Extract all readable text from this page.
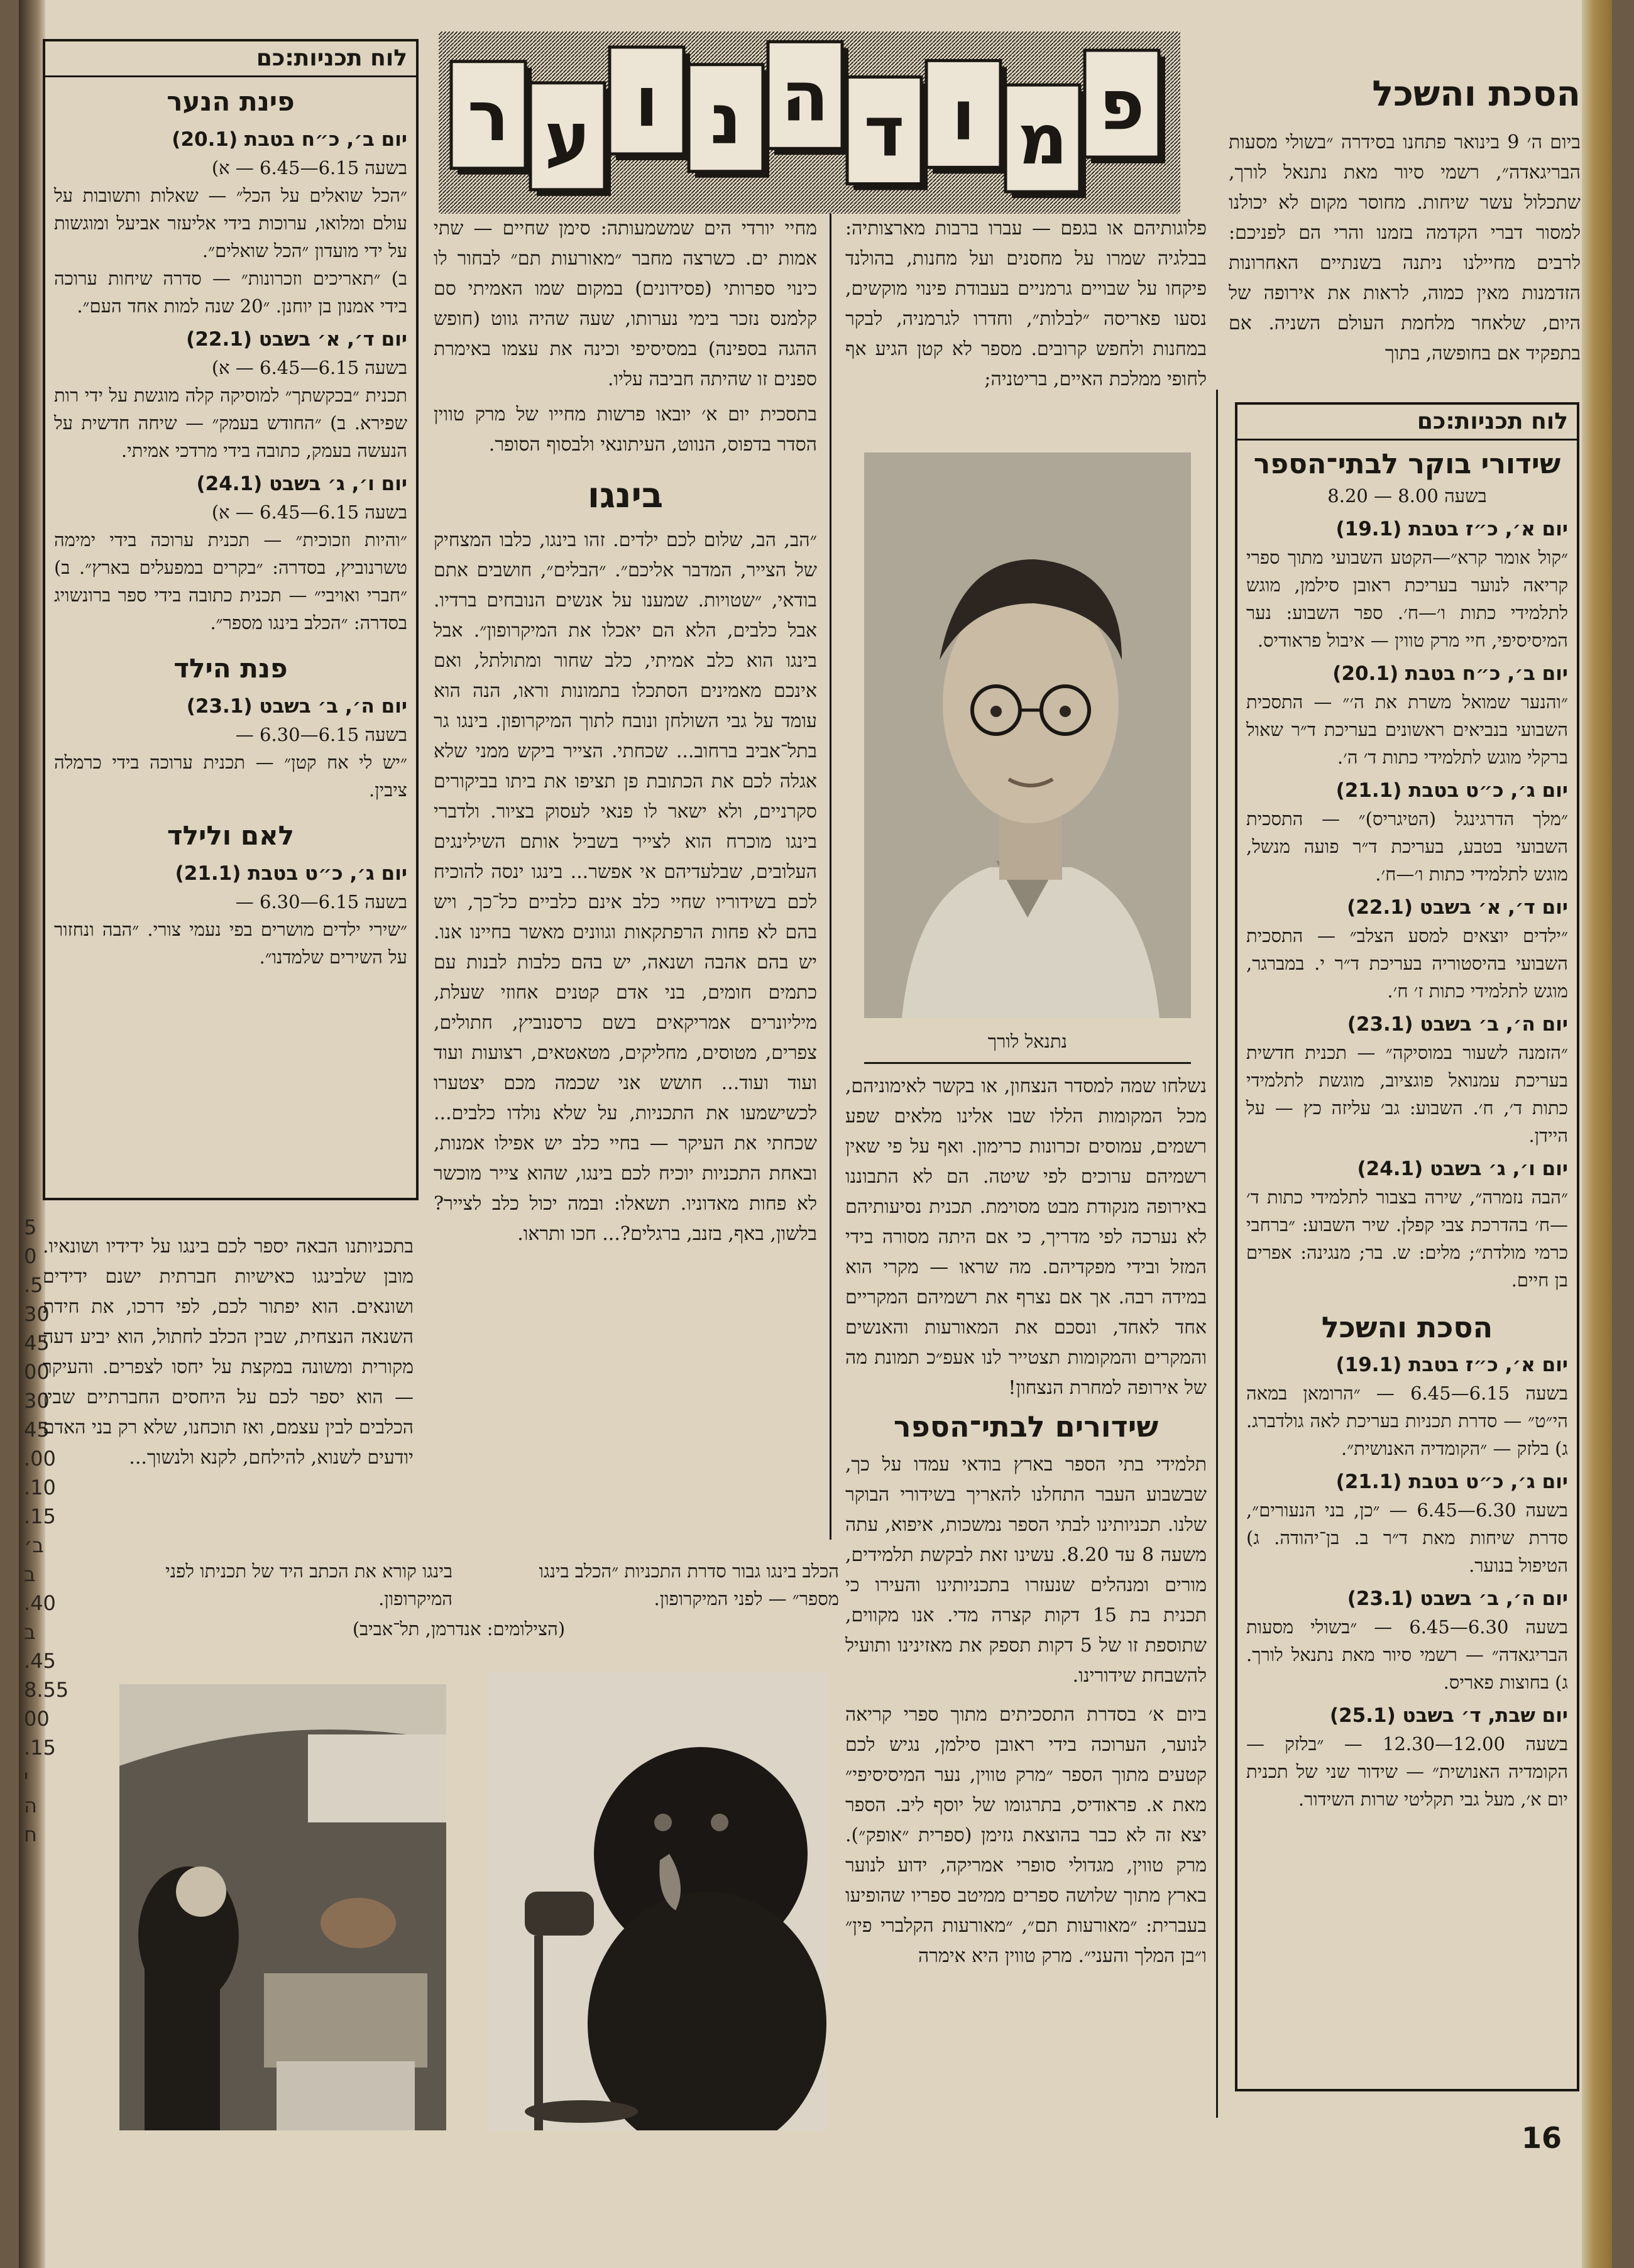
5
0
.5
30
45
00
30
45
.00
.10
.15
ב׳
ב
.40
ב
.45
8.55
00
.15
י
ה
ח
לוח תכניות:כם

פינת הנער

יום ב׳, כ״ח בטבת (20.1)

בשעה 6.15—6.45 — א)

״הכל שואלים על הכל״ — שאלות ותשובות על עולם ומלואו, ערוכות בידי אליעזר אביעל ומוגשות על ידי מועדון ״הכל שואלים״.

ב) ״תאריכים וזכרונות״ — סדרה שיחות ערוכה בידי אמנון בן יוחנן. ״20 שנה למות אחד העם״.

יום ד׳, א׳ בשבט (22.1)

בשעה 6.15—6.45 — א)

תכנית ״בכקשתך״ למוסיקה קלה מוגשת על ידי רות שפירא. ב) ״החודש בעמק״ — שיחה חדשית על הנעשה בעמק, כתובה בידי מרדכי אמיתי.

יום ו׳, ג׳ בשבט (24.1)

בשעה 6.15—6.45 — א)

״והיות וזכוכית״ — תכנית ערוכה בידי ימימה טשרנוביץ, בסדרה: ״בקרים במפעלים בארץ״. ב) ״חברי ואויבי״ — תכנית כתובה בידי ספר ברונשויג בסדרה: ״הכלב בינגו מספר״.

פנת הילד

יום ה׳, ב׳ בשבט (23.1)

בשעה 6.15—6.30 —

״יש לי אח קטן״ — תכנית ערוכה בידי כרמלה ציבין.

לאם ולילד

יום ג׳, כ״ט בטבת (21.1)

בשעה 6.15—6.30 —

״שירי ילדים מושרים בפי נעמי צורי. ״הבה ונחזור על השירים שלמדנו״.

בתכניותנו הבאה יספר לכם בינגו על ידידיו ושונאיו. מובן שלבינגו כאישיות חברתית ישנם ידידים ושונאים. הוא יפתור לכם, לפי דרכו, את חידת השנאה הנצחית, שבין הכלב לחתול, הוא יביע דעה מקורית ומשונה במקצת על יחסו לצפרים. והעיקר — הוא יספר לכם על היחסים החברתיים שבין הכלבים לבין עצמם, ואז תוכחנו, שלא רק בני האדם יודעים לשנוא, להילחם, לקנא ולנשוך...

פ
מ
ו
ד
ה
נ
ו
ע
ר

מחיי יורדי הים שמשמעותה: סימן שחיים — שתי אמות ים. כשרצה מחבר ״מאורעות תם״ לבחור לו כינוי ספרותי (פסידונים) במקום שמו האמיתי סם קלמנס נזכר בימי נערותו, שעה שהיה גווט (חופש ההגה בספינה) במסיסיפי וכינה את עצמו באימרת ספנים זו שהיתה חביבה עליו.

בתסכית יום א׳ יובאו פרשות מחייו של מרק טווין הסדר בדפוס, הנווט, העיתונאי ולבסוף הסופר.

בינגו

״הב, הב, שלום לכם ילדים. זהו בינגו, כלבו המצחיק של הצייר, המדבר אליכם״. ״הבלים״, חושבים אתם בודאי, ״שטויות. שמענו על אנשים הנובחים ברדיו. אבל כלבים, הלא הם יאכלו את המיקרופון״. אבל בינגו הוא כלב אמיתי, כלב שחור ומתולתל, ואם אינכם מאמינים הסתכלו בתמונות וראו, הנה הוא עומד על גבי השולחן ונובח לתוך המיקרופון. בינגו גר בתל־אביב ברחוב... שכחתי. הצייר ביקש ממני שלא אגלה לכם את הכתובת פן תציפו את ביתו בביקורים סקרניים, ולא ישאר לו פנאי לעסוק בציור. ולדברי בינגו מוכרח הוא לצייר בשביל אותם השילינגים העלובים, שבלעדיהם אי אפשר... בינגו ינסה להוכיח לכם בשידוריו שחיי כלב אינם כלביים כל־כך, ויש בהם לא פחות הרפתקאות וגוונים מאשר בחיינו אנו. יש בהם אהבה ושנאה, יש בהם כלבות לבנות עם כתמים חומים, בני אדם קטנים אחוזי שעלת, מיליונרים אמריקאים בשם כרסנוביץ, חתולים, צפרים, מטוסים, מחליקים, מטאטאים, רצועות ועוד ועוד ועוד... חושש אני שכמה מכם יצטערו לכשישמעו את התכניות, על שלא נולדו כלבים... שכחתי את העיקר — בחיי כלב יש אפילו אמנות, ובאחת התכניות יוכיח לכם בינגו, שהוא צייר מוכשר לא פחות מאדוניו. תשאלו: ובמה יכול כלב לצייר? בלשון, באף, בזנב, ברגלים?... חכו ותראו.

פלוגותיהם או בגפם — עברו ברבות מארצותיה: בבלגיה שמרו על מחסנים ועל מחנות, בהולנד פיקחו על שבויים גרמניים בעבודת פינוי מוקשים, נסעו פאריסה ״לבלות״, וחדרו לגרמניה, לבקר במחנות ולחפש קרובים. מספר לא קטן הגיע אף לחופי ממלכת האיים, בריטניה;

נתנאל לורך

נשלחו שמה למסדר הנצחון, או בקשר לאימוניהם, מכל המקומות הללו שבו אלינו מלאים שפע רשמים, עמוסים זכרונות כרימון. ואף על פי שאין רשמיהם ערוכים לפי שיטה. הם לא התבוננו באירופה מנקודת מבט מסוימת. תכנית נסיעותיהם לא נערכה לפי מדריך, כי אם היתה מסורה בידי המזל ובידי מפקדיהם. מה שראו — מקרי הוא במידה רבה. אך אם נצרף את רשמיהם המקריים אחד לאחד, ונסכם את המאורעות והאנשים והמקרים והמקומות תצטייר לנו אעפ״כ תמונת מה של אירופה למחרת הנצחון!

שידורים לבתי־הספר

תלמידי בתי הספר בארץ בודאי עמדו על כך, שבשבוע העבר התחלנו להאריך בשידורי הבוקר שלנו. תכניותינו לבתי הספר נמשכות, איפוא, עתה משעה 8 עד 8.20. עשינו זאת לבקשת תלמידים, מורים ומנהלים שנעזרו בתכניותינו והעירו כי תכנית בת 15 דקות קצרה מדי. אנו מקווים, שתוספת זו של 5 דקות תספק את מאזינינו ותועיל להשבחת שידורינו.

ביום א׳ בסדרת התסכיתים מתוך ספרי קריאה לנוער, הערוכה בידי ראובן סילמן, נגיש לכם קטעים מתוך הספר ״מרק טווין, נער המיסיסיפי״ מאת א. פראודיס, בתרגומו של יוסף ליב. הספר יצא זה לא כבר בהוצאת גזימן (ספרית ״אופק״). מרק טווין, מגדולי סופרי אמריקה, ידוע לנוער בארץ מתוך שלושה ספרים ממיטב ספריו שהופיעו בעברית: ״מאורעות תם״, ״מאורעות הקלברי פין״ ו״בן המלך והעני״. מרק טווין היא אימרה

הסכת והשכל

ביום ה׳ 9 בינואר פתחנו בסידרה ״בשולי מסעות הבריגאדה״, רשמי סיור מאת נתנאל לורך, שתכלול עשר שיחות. מחוסר מקום לא יכולנו למסור דברי הקדמה בזמנו והרי הם לפניכם: לרבים מחיילנו ניתנה בשנתיים האחרונות הזדמנות מאין כמוה, לראות את אירופה של היום, שלאחר מלחמת העולם השניה. אם בתפקיד אם בחופשה, בתוך

לוח תכניות:כם

שידורי בוקר לבתי־הספר

בשעה 8.00 — 8.20

יום א׳, כ״ז בטבת (19.1)

״קול אומר קרא״—הקטע השבועי מתוך ספרי קריאה לנוער בעריכת ראובן סילמן, מוגש לתלמידי כתות ו׳—ח׳. ספר השבוע: נער המיסיסיפי, חיי מרק טווין — איבול פראודיס.

יום ב׳, כ״ח בטבת (20.1)

״והנער שמואל משרת את ה׳״ — התסכית השבועי בנביאים ראשונים בעריכת ד״ר שאול ברקלי מוגש לתלמידי כתות ד׳ ה׳.

יום ג׳, כ״ט בטבת (21.1)

״מלך הדרגינגל (הטיגריס)״ — התסכית השבועי בטבע, בעריכת ד״ר פועה מנשל, מוגש לתלמידי כתות ו׳—ח׳.

יום ד׳, א׳ בשבט (22.1)

״ילדים יוצאים למסע הצלב״ — התסכית השבועי בהיסטוריה בעריכת ד״ר י. במברגר, מוגש לתלמידי כתות ז׳ ח׳.

יום ה׳, ב׳ בשבט (23.1)

״הזמנה לשעור במוסיקה״ — תכנית חדשית בעריכת עמנואל פוגציוב, מוגשת לתלמידי כתות ד׳, ח׳. השבוע: גב׳ עליזה כץ — על היידן.

יום ו׳, ג׳ בשבט (24.1)

״הבה נזמרה״, שירה בצבור לתלמידי כתות ד׳—ח׳ בהדרכת צבי קפלן. שיר השבוע: ״ברחבי כרמי מולדת״; מלים: ש. בר; מנגינה: אפרים בן חיים.

הסכת והשכל

יום א׳, כ״ז בטבת (19.1)

בשעה 6.15—6.45 — ״הרומאן במאה הי״ט״ — סדרת תכניות בעריכת לאה גולדברג. ג) בלזק — ״הקומדיה האנושית״.

יום ג׳, כ״ט בטבת (21.1)

בשעה 6.30—6.45 — ״כן, בני הנעורים״, סדרת שיחות מאת ד״ר ב. בן־יהודה. ג) הטיפול בנוער.

יום ה׳, ב׳ בשבט (23.1)

בשעה 6.30—6.45 — ״בשולי מסעות הבריגאדה״ — רשמי סיור מאת נתנאל לורך. ג) בחוצות פאריס.

יום שבת, ד׳ בשבט (25.1)

בשעה 12.00—12.30 — ״בלזק — הקומדיה האנושית״ — שידור שני של תכנית יום א׳, מעל גבי תקליטי שרות השידור.

הכלב בינגו גבור סדרת התכניות ״הכלב בינגו מספר״ — לפני המיקרופון.
(הצילומים: אנדרמן, תל־אביב)
בינגו קורא את הכתב היד של תכניתו לפני המיקרופון.
16
